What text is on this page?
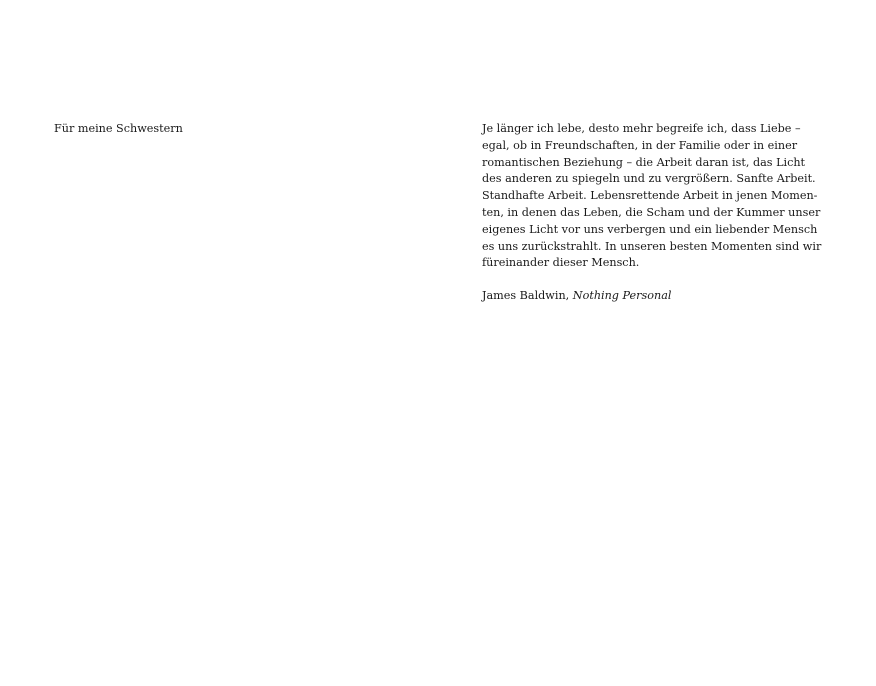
Für meine Schwestern	Je länger ich lebe, desto mehr begreife ich, dass Liebe –
egal, ob in Freundschaften, in der Familie oder in einer
romantischen Beziehung – die Arbeit daran ist, das Licht
des anderen zu spiegeln und zu vergrößern. Sanfte Arbeit.
Standhafte Arbeit. Lebensrettende Arbeit in jenen Momen-
ten, in denen das Leben, die Scham und der Kummer unser
eigenes Licht vor uns verbergen und ein liebender Mensch
es uns zurückstrahlt. In unseren besten Momenten sind wir
füreinander dieser Mensch.

James Baldwin, Nothing Personal
